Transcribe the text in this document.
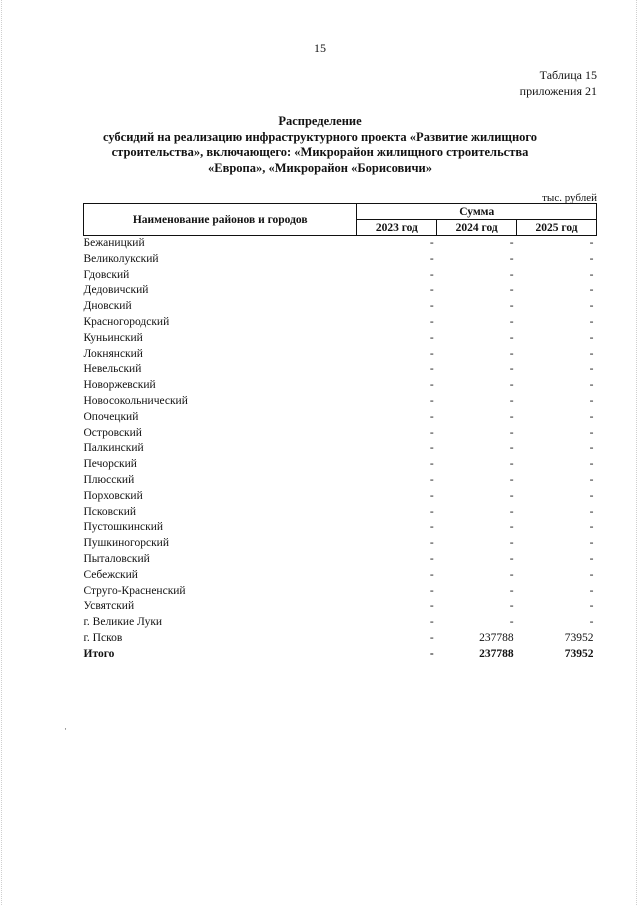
15
Таблица 15
приложения 21
Распределение
субсидий на реализацию инфраструктурного проекта «Развитие жилищного
строительства», включающего: «Микрорайон жилищного строительства
«Европа», «Микрорайон «Борисовичи»
тыс. рублей
Наименование районов и городов	Сумма		
	2023 год	2024 год	2025 год
Бежаницкий	-	-	-
Великолукский	-	-	-
Гдовский	-	-	-
Дедовичский	-	-	-
Дновский	-	-	-
Красногородский	-	-	-
Куньинский	-	-	-
Локнянский	-	-	-
Невельский	-	-	-
Новоржевский	-	-	-
Новосокольнический	-	-	-
Опочецкий	-	-	-
Островский	-	-	-
Палкинский	-	-	-
Печорский	-	-	-
Плюсский	-	-	-
Порховский	-	-	-
Псковский	-	-	-
Пустошкинский	-	-	-
Пушкиногорский	-	-	-
Пыталовский	-	-	-
Себежский	-	-	-
Струго-Красненский	-	-	-
Усвятский	-	-	-
г. Великие Луки	-	-	-
г. Псков	-	237788	73952
Итого	-	237788	73952
·
